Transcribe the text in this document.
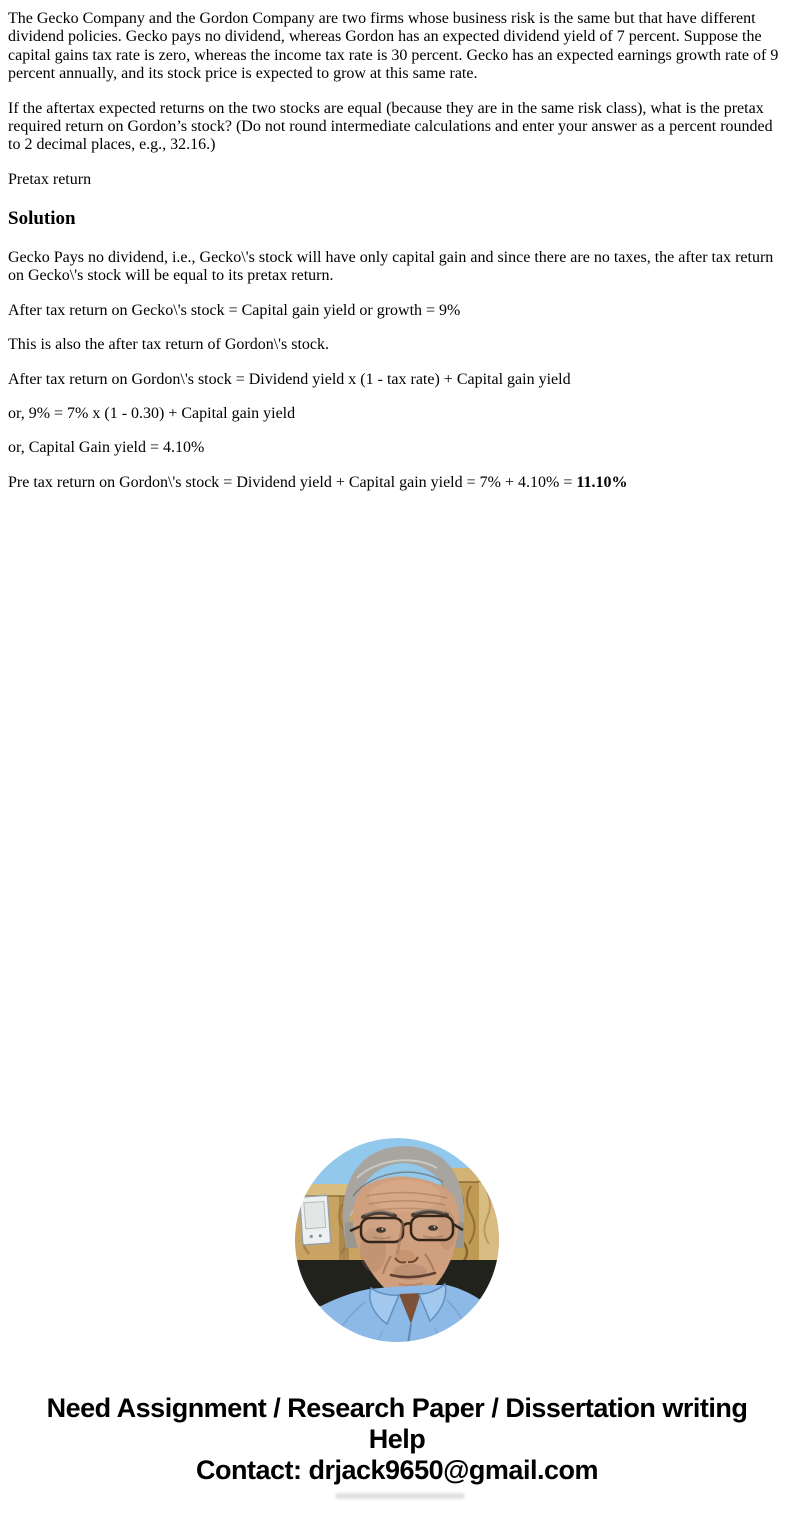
The Gecko Company and the Gordon Company are two firms whose business risk is the same but that have different dividend policies. Gecko pays no dividend, whereas Gordon has an expected dividend yield of 7 percent. Suppose the capital gains tax rate is zero, whereas the income tax rate is 30 percent. Gecko has an expected earnings growth rate of 9 percent annually, and its stock price is expected to grow at this same rate.

If the aftertax expected returns on the two stocks are equal (because they are in the same risk class), what is the pretax required return on Gordon’s stock? (Do not round intermediate calculations and enter your answer as a percent rounded to 2 decimal places, e.g., 32.16.)

Pretax return

Solution

Gecko Pays no dividend, i.e., Gecko\'s stock will have only capital gain and since there are no taxes, the after tax return on Gecko\'s stock will be equal to its pretax return.

After tax return on Gecko\'s stock = Capital gain yield or growth = 9%

This is also the after tax return of Gordon\'s stock.

After tax return on Gordon\'s stock = Dividend yield x (1 - tax rate) + Capital gain yield

or, 9% = 7% x (1 - 0.30) + Capital gain yield

or, Capital Gain yield = 4.10%

Pre tax return on Gordon\'s stock = Dividend yield + Capital gain yield = 7% + 4.10% = 11.10%

Need Assignment / Research Paper / Dissertation writing Help
Contact: drjack9650@gmail.com
